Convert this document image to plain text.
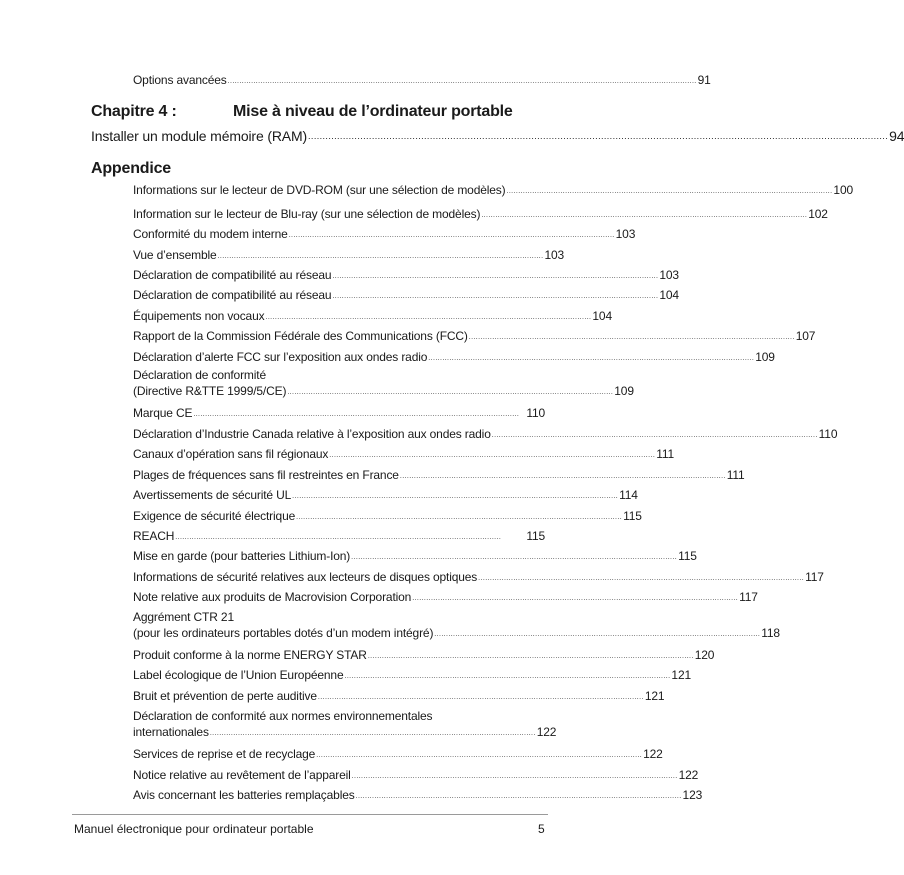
Options avancées ........................................................................................................................................................................................................ 91
Chapitre 4 :	Mise à niveau de l’ordinateur portable
Installer un module mémoire (RAM) ........................................................................................................................................................................................................ 94
Appendice
Informations sur le lecteur de DVD-ROM (sur une sélection de modèles) ........................................................................................................................................... 100
Information sur le lecteur de Blu-ray (sur une sélection de modèles) ........................................................................................................................................... 102
Conformité du modem interne ........................................................................................................................................... 103
Vue d’ensemble ........................................................................................................................................... 103
Déclaration de compatibilité au réseau ........................................................................................................................................... 103
Déclaration de compatibilité au réseau ........................................................................................................................................... 104
Équipements non vocaux ........................................................................................................................................... 104
Rapport de la Commission Fédérale des Communications (FCC) ........................................................................................................................................... 107
Déclaration d’alerte FCC sur l’exposition aux ondes radio ........................................................................................................................................... 109
Déclaration de conformité
(Directive R&TTE 1999/5/CE) ........................................................................................................................................... 109
Marque CE ........................................................................................................................................... 110
Déclaration d’Industrie Canada relative à l’exposition aux ondes radio ........................................................................................................................................... 110
Canaux d’opération sans fil régionaux ........................................................................................................................................... 111
Plages de fréquences sans fil restreintes en France ........................................................................................................................................... 111
Avertissements de sécurité UL ........................................................................................................................................... 114
Exigence de sécurité électrique ........................................................................................................................................... 115
REACH ...........................................................................................................................................	115
Mise en garde (pour batteries Lithium-Ion) ........................................................................................................................................... 115
Informations de sécurité relatives aux lecteurs de disques optiques ........................................................................................................................................... 117
Note relative aux produits de Macrovision Corporation ........................................................................................................................................... 117
Aggrément CTR 21
(pour les ordinateurs portables dotés d’un modem intégré) ........................................................................................................................................... 118
Produit conforme à la norme ENERGY STAR ........................................................................................................................................... 120
Label écologique de l’Union Européenne ........................................................................................................................................... 121
Bruit et prévention de perte auditive ........................................................................................................................................... 121
Déclaration de conformité aux normes environnementales
internationales ........................................................................................................................................... 122
Services de reprise et de recyclage ........................................................................................................................................... 122
Notice relative au revêtement de l’appareil ........................................................................................................................................... 122
Avis concernant les batteries remplaçables ........................................................................................................................................... 123
Manuel électronique pour ordinateur portable	5
